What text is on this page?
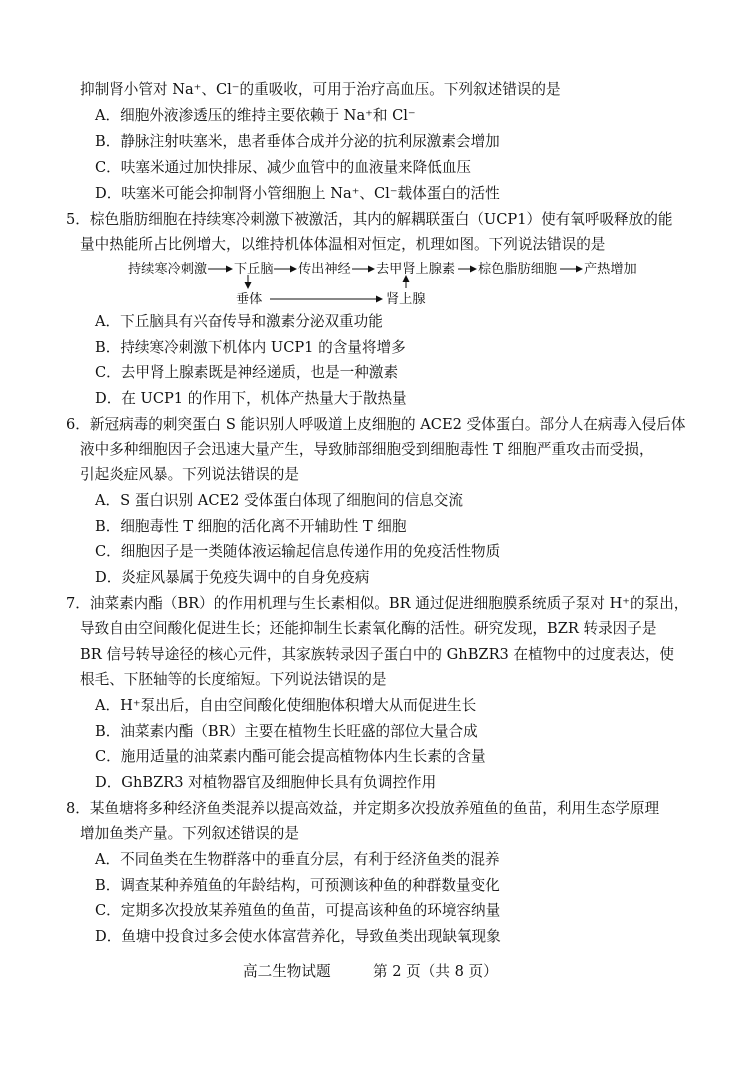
抑制肾小管对 Na⁺、Cl⁻的重吸收，可用于治疗高血压。下列叙述错误的是
A．细胞外液渗透压的维持主要依赖于 Na⁺和 Cl⁻
B．静脉注射呋塞米，患者垂体合成并分泌的抗利尿激素会增加
C．呋塞米通过加快排尿、减少血管中的血液量来降低血压
D．呋塞米可能会抑制肾小管细胞上 Na⁺、Cl⁻载体蛋白的活性
5．棕色脂肪细胞在持续寒冷刺激下被激活，其内的解耦联蛋白（UCP1）使有氧呼吸释放的能
量中热能所占比例增大，以维持机体体温相对恒定，机理如图。下列说法错误的是
持续寒冷刺激 下丘脑 传出神经 去甲肾上腺素 棕色脂肪细胞 产热增加
垂体	肾上腺
A．下丘脑具有兴奋传导和激素分泌双重功能
B．持续寒冷刺激下机体内 UCP1 的含量将增多
C．去甲肾上腺素既是神经递质，也是一种激素
D．在 UCP1 的作用下，机体产热量大于散热量
6．新冠病毒的刺突蛋白 S 能识别人呼吸道上皮细胞的 ACE2 受体蛋白。部分人在病毒入侵后体
液中多种细胞因子会迅速大量产生，导致肺部细胞受到细胞毒性 T 细胞严重攻击而受损，
引起炎症风暴。下列说法错误的是
A．S 蛋白识别 ACE2 受体蛋白体现了细胞间的信息交流
B．细胞毒性 T 细胞的活化离不开辅助性 T 细胞
C．细胞因子是一类随体液运输起信息传递作用的免疫活性物质
D．炎症风暴属于免疫失调中的自身免疫病
7．油菜素内酯（BR）的作用机理与生长素相似。BR 通过促进细胞膜系统质子泵对 H⁺的泵出，
导致自由空间酸化促进生长；还能抑制生长素氧化酶的活性。研究发现，BZR 转录因子是
BR 信号转导途径的核心元件，其家族转录因子蛋白中的 GhBZR3 在植物中的过度表达，使
根毛、下胚轴等的长度缩短。下列说法错误的是
A．H⁺泵出后，自由空间酸化使细胞体积增大从而促进生长
B．油菜素内酯（BR）主要在植物生长旺盛的部位大量合成
C．施用适量的油菜素内酯可能会提高植物体内生长素的含量
D．GhBZR3 对植物器官及细胞伸长具有负调控作用
8．某鱼塘将多种经济鱼类混养以提高效益，并定期多次投放养殖鱼的鱼苗，利用生态学原理
增加鱼类产量。下列叙述错误的是
A．不同鱼类在生物群落中的垂直分层，有利于经济鱼类的混养
B．调查某种养殖鱼的年龄结构，可预测该种鱼的种群数量变化
C．定期多次投放某养殖鱼的鱼苗，可提高该种鱼的环境容纳量
D．鱼塘中投食过多会使水体富营养化，导致鱼类出现缺氧现象
高二生物试题	第 2 页（共 8 页）
